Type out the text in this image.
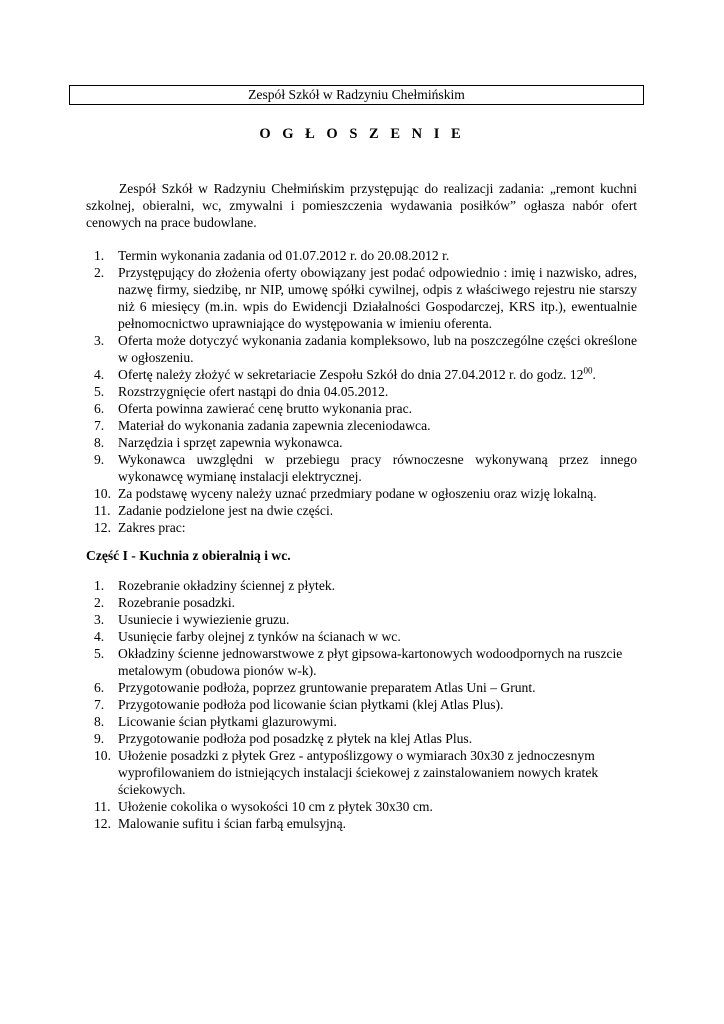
Zespół Szkół w Radzyniu Chełmińskim
O G Ł O S Z E N I E
Zespół Szkół w Radzyniu Chełmińskim przystępując do realizacji zadania: „remont kuchni szkolnej, obieralni, wc, zmywalni i pomieszczenia wydawania posiłków” ogłasza nabór ofert cenowych na prace budowlane.
1. Termin wykonania zadania od 01.07.2012 r. do 20.08.2012 r.
2. Przystępujący do złożenia oferty obowiązany jest podać odpowiednio : imię i nazwisko, adres, nazwę firmy, siedzibę, nr NIP, umowę spółki cywilnej, odpis z właściwego rejestru nie starszy niż 6 miesięcy (m.in. wpis do Ewidencji Działalności Gospodarczej, KRS itp.), ewentualnie pełnomocnictwo uprawniające do występowania w imieniu oferenta.
3. Oferta może dotyczyć wykonania zadania kompleksowo, lub na poszczególne części określone w ogłoszeniu.
4. Ofertę należy złożyć w sekretariacie Zespołu Szkół do dnia 27.04.2012 r. do godz. $12^{00}$.
5. Rozstrzygnięcie ofert nastąpi do dnia 04.05.2012.
6. Oferta powinna zawierać cenę brutto wykonania prac.
7. Materiał do wykonania zadania zapewnia zleceniodawca.
8. Narzędzia i sprzęt zapewnia wykonawca.
9. Wykonawca uwzględni w przebiegu pracy równoczesne wykonywaną przez innego wykonawcę wymianę instalacji elektrycznej.
10. Za podstawę wyceny należy uznać przedmiary podane w ogłoszeniu oraz wizję lokalną.
11. Zadanie podzielone jest na dwie części.
12. Zakres prac:
Część I - Kuchnia z obieralnią i wc.
1. Rozebranie okładziny ściennej z płytek.
2. Rozebranie posadzki.
3. Usuniecie i wywiezienie gruzu.
4. Usunięcie farby olejnej z tynków na ścianach w wc.
5. Okładziny ścienne jednowarstwowe z płyt gipsowa-kartonowych wodoodpornych na ruszcie metalowym (obudowa pionów w-k).
6. Przygotowanie podłoża, poprzez gruntowanie preparatem Atlas Uni – Grunt.
7. Przygotowanie podłoża pod licowanie ścian płytkami (klej Atlas Plus).
8. Licowanie ścian płytkami glazurowymi.
9. Przygotowanie podłoża pod posadzkę z płytek na klej Atlas Plus.
10. Ułożenie posadzki z płytek Grez - antypoślizgowy o wymiarach 30x30 z jednoczesnym wyprofilowaniem do istniejących instalacji ściekowej z zainstalowaniem nowych kratek ściekowych.
11. Ułożenie cokolika o wysokości 10 cm z płytek 30x30 cm.
12. Malowanie sufitu i ścian farbą emulsyjną.
